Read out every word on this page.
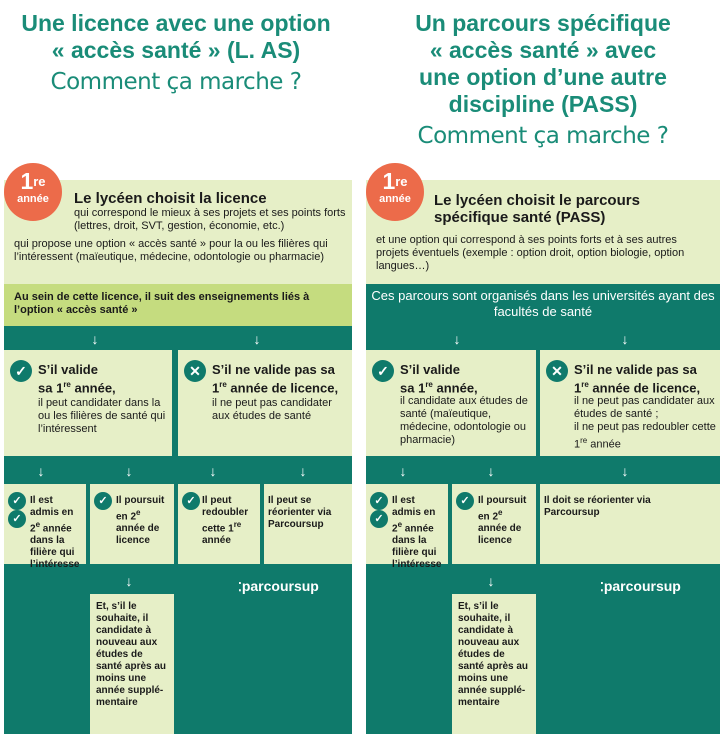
Une licence avec une option
« accès santé » (L. AS)
Comment ça marche ?
1re
année	Le lycéen choisit la licence
qui correspond le mieux à ses projets et ses points forts (lettres, droit, SVT, gestion, économie, etc.)
qui propose une option « accès santé » pour la ou les filières qui l’intéressent (maïeutique, médecine, odontologie ou pharmacie)
Au sein de cette licence, il suit des enseignements liés à l’option « accès santé »
↓	↓
✓ S’il valide
sa 1re année,
il peut candidater dans la ou les filières de santé qui l’intéressent
✕ S’il ne valide pas sa
1re année de licence,
il ne peut pas candidater aux études de santé
↓	↓	↓	↓
✓
✓
Il est admis en 2e année dans la filière qui l’intéresse
✓ Il poursuit en 2e année de licence
✓ Il peut redoubler cette 1re année
Il peut se réorienter via Parcoursup
↓
Et, s’il le souhaite, il candidate à nouveau aux études de santé après au moins une année supplé-mentaire
⁚parcoursup
Un parcours spécifique
« accès santé » avec
une option d’une autre
discipline (PASS)
Comment ça marche ?
1re
année	Le lycéen choisit le parcours spécifique santé (PASS)
et une option qui correspond à ses points forts et à ses autres projets éventuels (exemple : option droit, option biologie, option langues…)
Ces parcours sont organisés dans les universités ayant des facultés de santé
↓	↓
✓ S’il valide
sa 1re année,
il candidate aux études de santé (maïeutique, médecine, odontologie ou pharmacie)
✕ S’il ne valide pas sa
1re année de licence,
il ne peut pas candidater aux études de santé ;
il ne peut pas redoubler cette 1re année
↓	↓	↓
✓
✓
Il est admis en 2e année dans la filière qui l’intéresse
✓ Il poursuit en 2e année de licence
Il doit se réorienter via Parcoursup
↓
Et, s’il le souhaite, il candidate à nouveau aux études de santé après au moins une année supplé-mentaire
⁚parcoursup
